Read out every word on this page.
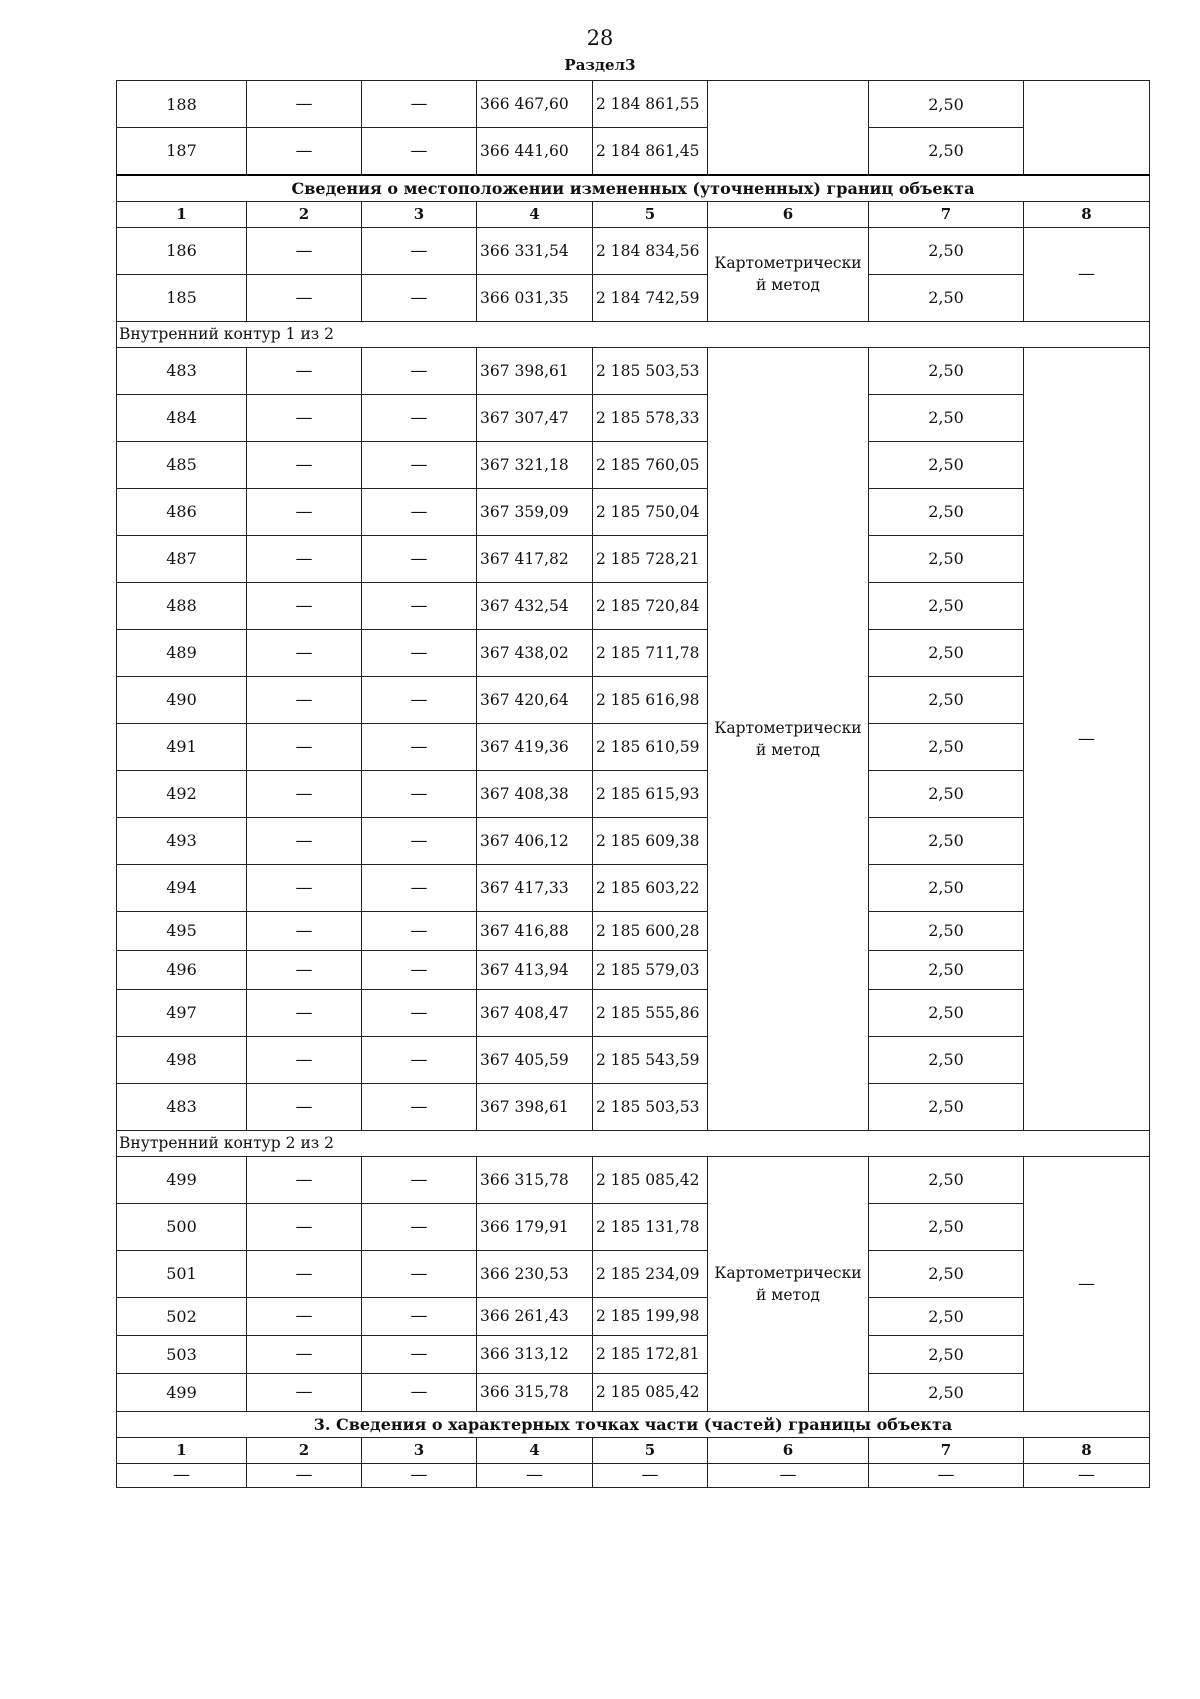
28
Раздел3
188	—	—	366 467,60	2 184 861,55		2,50	
187	—	—	366 441,60	2 184 861,45		2,50	
Сведения о местоположении измененных (уточненных) границ объекта							
1	2	3	4	5	6	7	8
186	—	—	366 331,54	2 184 834,56	Картометрически й метод	2,50	—
185	—	—	366 031,35	2 184 742,59		2,50	
Внутренний контур 1 из 2							
483	—	—	367 398,61	2 185 503,53	Картометрически й метод	2,50	—
484	—	—	367 307,47	2 185 578,33		2,50	
485	—	—	367 321,18	2 185 760,05		2,50	
486	—	—	367 359,09	2 185 750,04		2,50	
487	—	—	367 417,82	2 185 728,21		2,50	
488	—	—	367 432,54	2 185 720,84		2,50	
489	—	—	367 438,02	2 185 711,78		2,50	
490	—	—	367 420,64	2 185 616,98		2,50	
491	—	—	367 419,36	2 185 610,59		2,50	
492	—	—	367 408,38	2 185 615,93		2,50	
493	—	—	367 406,12	2 185 609,38		2,50	
494	—	—	367 417,33	2 185 603,22		2,50	
495	—	—	367 416,88	2 185 600,28		2,50	
496	—	—	367 413,94	2 185 579,03		2,50	
497	—	—	367 408,47	2 185 555,86		2,50	
498	—	—	367 405,59	2 185 543,59		2,50	
483	—	—	367 398,61	2 185 503,53		2,50	
Внутренний контур 2 из 2							
499	—	—	366 315,78	2 185 085,42	Картометрически й метод	2,50	—
500	—	—	366 179,91	2 185 131,78		2,50	
501	—	—	366 230,53	2 185 234,09		2,50	
502	—	—	366 261,43	2 185 199,98		2,50	
503	—	—	366 313,12	2 185 172,81		2,50	
499	—	—	366 315,78	2 185 085,42		2,50	
3. Сведения о характерных точках части (частей) границы объекта							
1	2	3	4	5	6	7	8
—	—	—	—	—	—	—	—
